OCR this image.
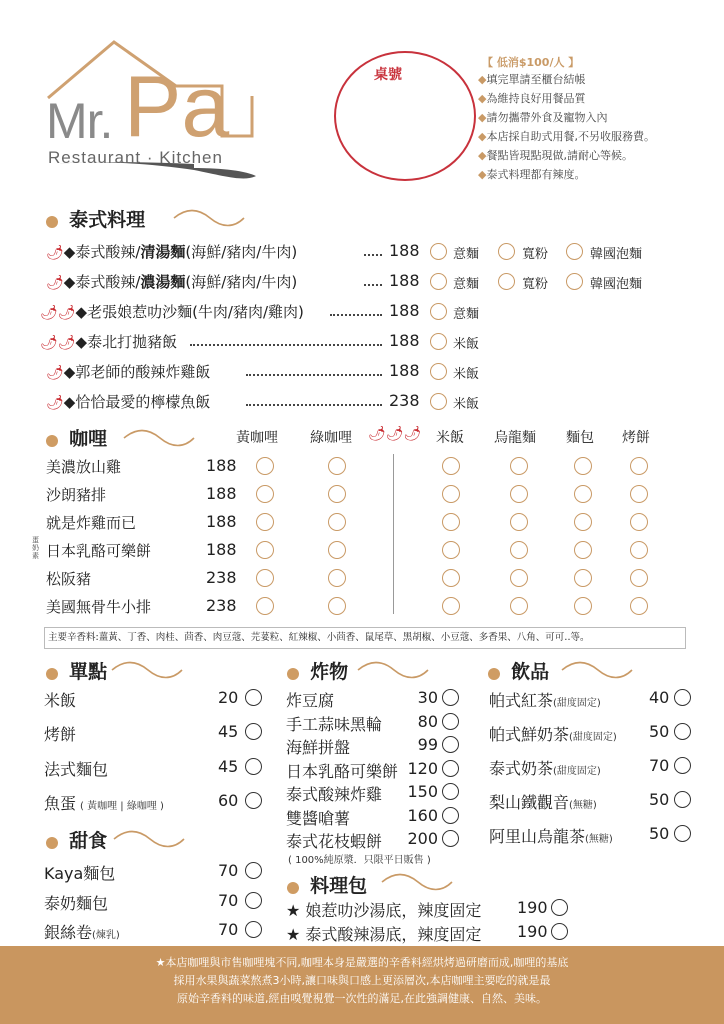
Mr. Pa
Restaurant · Kitchen
桌號
【 低消$100/人 】
◆填完單請至櫃台結帳
◆為維持良好用餐品質
◆請勿攜帶外食及寵物入內
◆本店採自助式用餐,不另收服務費。
◆餐點皆現點現做,請耐心等候。
◆泰式料理都有辣度。
泰式料理
🌶◆泰式酸辣/清湯麵(海鮮/豬肉/牛肉)	188	意麵	寬粉	韓國泡麵
🌶◆泰式酸辣/濃湯麵(海鮮/豬肉/牛肉)	188	意麵	寬粉	韓國泡麵
🌶🌶◆老張娘惹叻沙麵(牛肉/豬肉/雞肉)	188	意麵
🌶🌶◆泰北打拋豬飯	188	米飯
🌶◆郭老師的酸辣炸雞飯	188	米飯
🌶◆恰恰最愛的檸檬魚飯	238	米飯
咖哩	黃咖哩 綠咖哩 🌶🌶🌶 米飯 烏龍麵 麵包 烤餅
美濃放山雞	188
沙朗豬排	188
就是炸雞而已	188
蛋奶素 日本乳酪可樂餅	188
松阪豬	238
美國無骨牛小排	238
主要辛香料:薑黃、丁香、肉桂、茴香、肉豆蔻、芫荽粒、紅辣椒、小茴香、鼠尾草、黑胡椒、小豆蔻、多香果、八角、可可‥等。
單點
米飯	20
烤餅	45
法式麵包	45
魚蛋 ( 黃咖哩 | 綠咖哩 )	60
甜食
Kaya麵包	70
泰奶麵包	70
銀絲卷(煉乳)	70
炸物
炸豆腐	30
手工蒜味黑輪 80
海鮮拼盤	99
日本乳酪可樂餅 120
泰式酸辣炸雞 150
雙醬嗆薯	160
泰式花枝蝦餅 200
( 100%純原漿．只限平日販售 )
料理包
★ 娘惹叻沙湯底，辣度固定 190
★ 泰式酸辣湯底，辣度固定 190
飲品
帕式紅茶(甜度固定)	40
帕式鮮奶茶(甜度固定) 50
泰式奶茶(甜度固定)	70
梨山鐵觀音(無糖)	50
阿里山烏龍茶(無糖) 50
★本店咖哩與市售咖哩塊不同,咖哩本身是嚴選的辛香料經烘烤過研磨而成,咖哩的基底
採用水果與蔬菜熬煮3小時,讓口味與口感上更添層次,本店咖哩主要吃的就是最
原始辛香料的味道,經由嗅覺視覺一次性的滿足,在此強調健康、自然、美味。
